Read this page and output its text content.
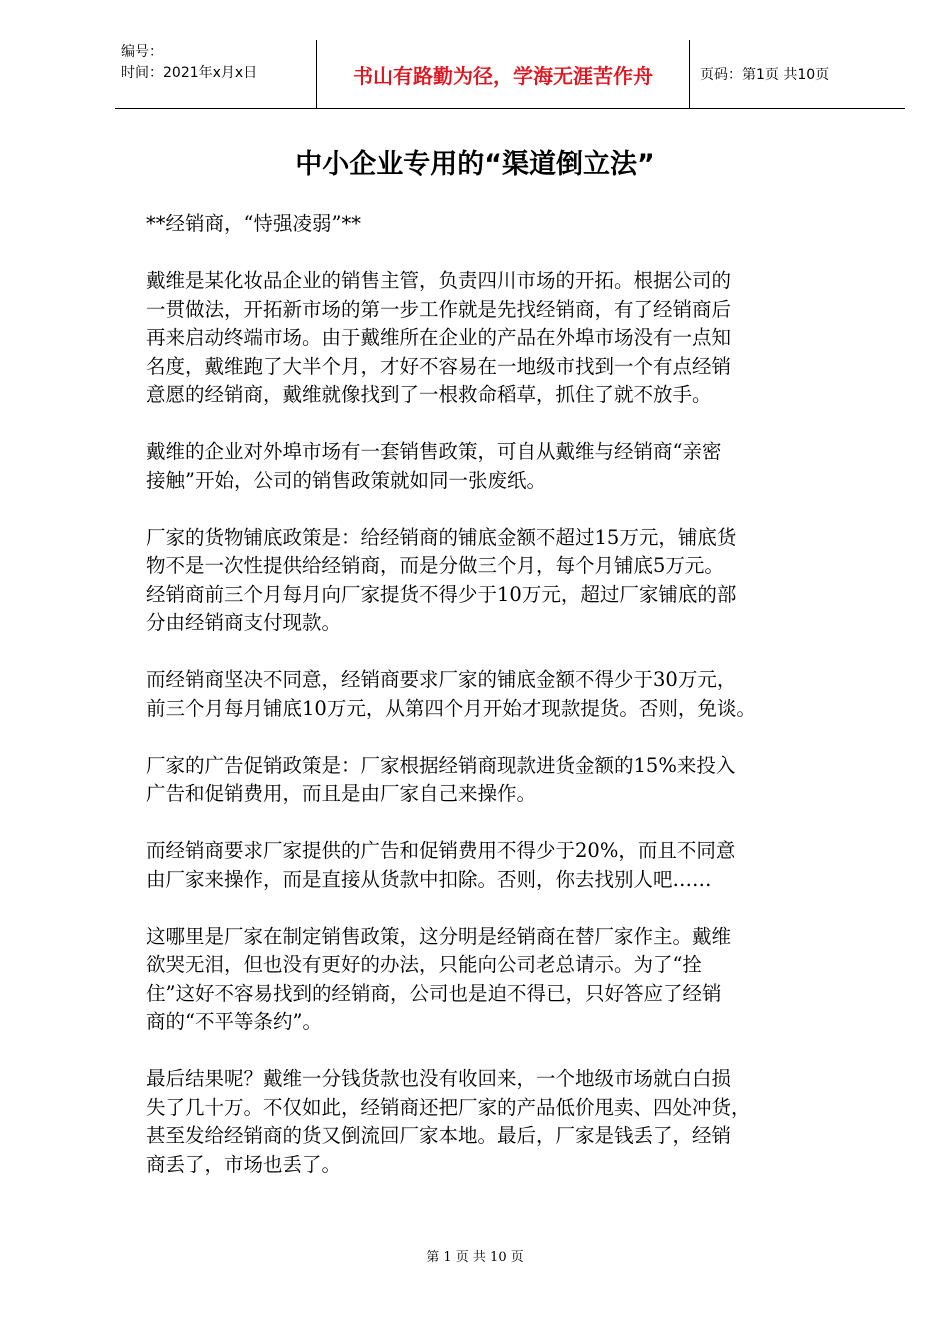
编号：
时间：2021年x月x日	书山有路勤为径，学海无涯苦作舟	页码：第1页 共10页
中小企业专用的“渠道倒立法”

**经销商，“恃强凌弱”**

戴维是某化妆品企业的销售主管，负责四川市场的开拓。根据公司的
一贯做法，开拓新市场的第一步工作就是先找经销商，有了经销商后
再来启动终端市场。由于戴维所在企业的产品在外埠市场没有一点知
名度，戴维跑了大半个月，才好不容易在一地级市找到一个有点经销
意愿的经销商，戴维就像找到了一根救命稻草，抓住了就不放手。

戴维的企业对外埠市场有一套销售政策，可自从戴维与经销商“亲密
接触”开始，公司的销售政策就如同一张废纸。

厂家的货物铺底政策是：给经销商的铺底金额不超过15万元，铺底货
物不是一次性提供给经销商，而是分做三个月，每个月铺底5万元。
经销商前三个月每月向厂家提货不得少于10万元，超过厂家铺底的部
分由经销商支付现款。

而经销商坚决不同意，经销商要求厂家的铺底金额不得少于30万元，
前三个月每月铺底10万元，从第四个月开始才现款提货。否则，免谈。

厂家的广告促销政策是：厂家根据经销商现款进货金额的15%来投入
广告和促销费用，而且是由厂家自己来操作。

而经销商要求厂家提供的广告和促销费用不得少于20%，而且不同意
由厂家来操作，而是直接从货款中扣除。否则，你去找别人吧……

这哪里是厂家在制定销售政策，这分明是经销商在替厂家作主。戴维
欲哭无泪，但也没有更好的办法，只能向公司老总请示。为了“拴
住”这好不容易找到的经销商，公司也是迫不得已，只好答应了经销
商的“不平等条约”。

最后结果呢？戴维一分钱货款也没有收回来，一个地级市场就白白损
失了几十万。不仅如此，经销商还把厂家的产品低价甩卖、四处冲货，
甚至发给经销商的货又倒流回厂家本地。最后，厂家是钱丢了，经销
商丢了，市场也丢了。

第 1 页 共 10 页
